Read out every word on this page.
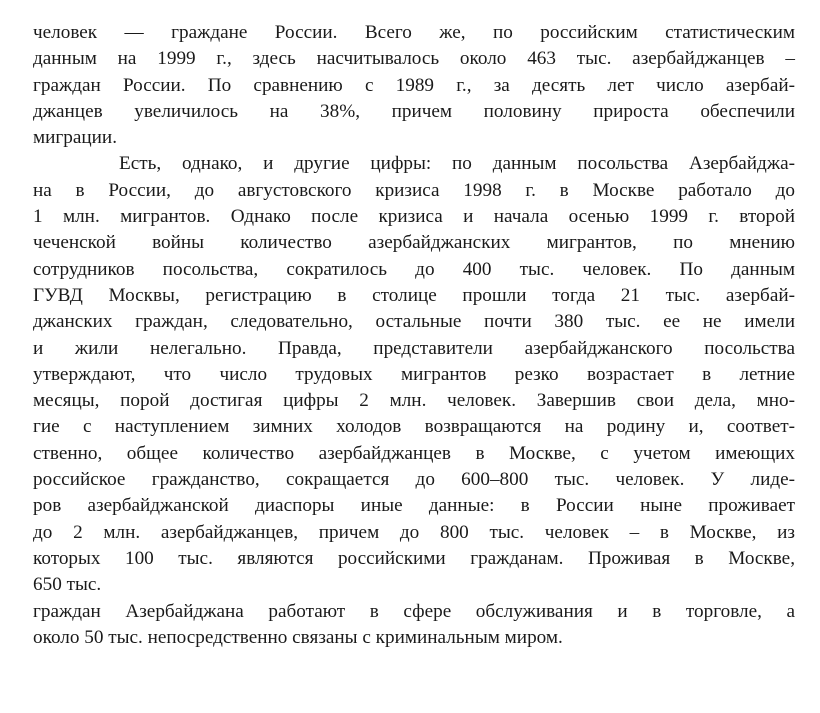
человек — граждане России. Всего же, по российским статистическим
данным на 1999 г., здесь насчитывалось около 463 тыс. азербайджанцев –
граждан России. По сравнению с 1989 г., за десять лет число азербай-
джанцев увеличилось на 38%, причем половину прироста обеспечили
миграции.
Есть, однако, и другие цифры: по данным посольства Азербайджа-
на в России, до августовского кризиса 1998 г. в Москве работало до
1 млн. мигрантов. Однако после кризиса и начала осенью 1999 г. второй
чеченской войны количество азербайджанских мигрантов, по мнению
сотрудников посольства, сократилось до 400 тыс. человек. По данным
ГУВД Москвы, регистрацию в столице прошли тогда 21 тыс. азербай-
джанских граждан, следовательно, остальные почти 380 тыс. ее не имели
и жили нелегально. Правда, представители азербайджанского посольства
утверждают, что число трудовых мигрантов резко возрастает в летние
месяцы, порой достигая цифры 2 млн. человек. Завершив свои дела, мно-
гие с наступлением зимних холодов возвращаются на родину и, соответ-
ственно, общее количество азербайджанцев в Москве, с учетом имеющих
российское гражданство, сокращается до 600–800 тыс. человек. У лиде-
ров азербайджанской диаспоры иные данные: в России ныне проживает
до 2 млн. азербайджанцев, причем до 800 тыс. человек – в Москве, из
которых 100 тыс. являются российскими гражданам. Проживая в Москве,
650 тыс.
граждан Азербайджана работают в сфере обслуживания и в торговле, а
около 50 тыс. непосредственно связаны с криминальным миром.
